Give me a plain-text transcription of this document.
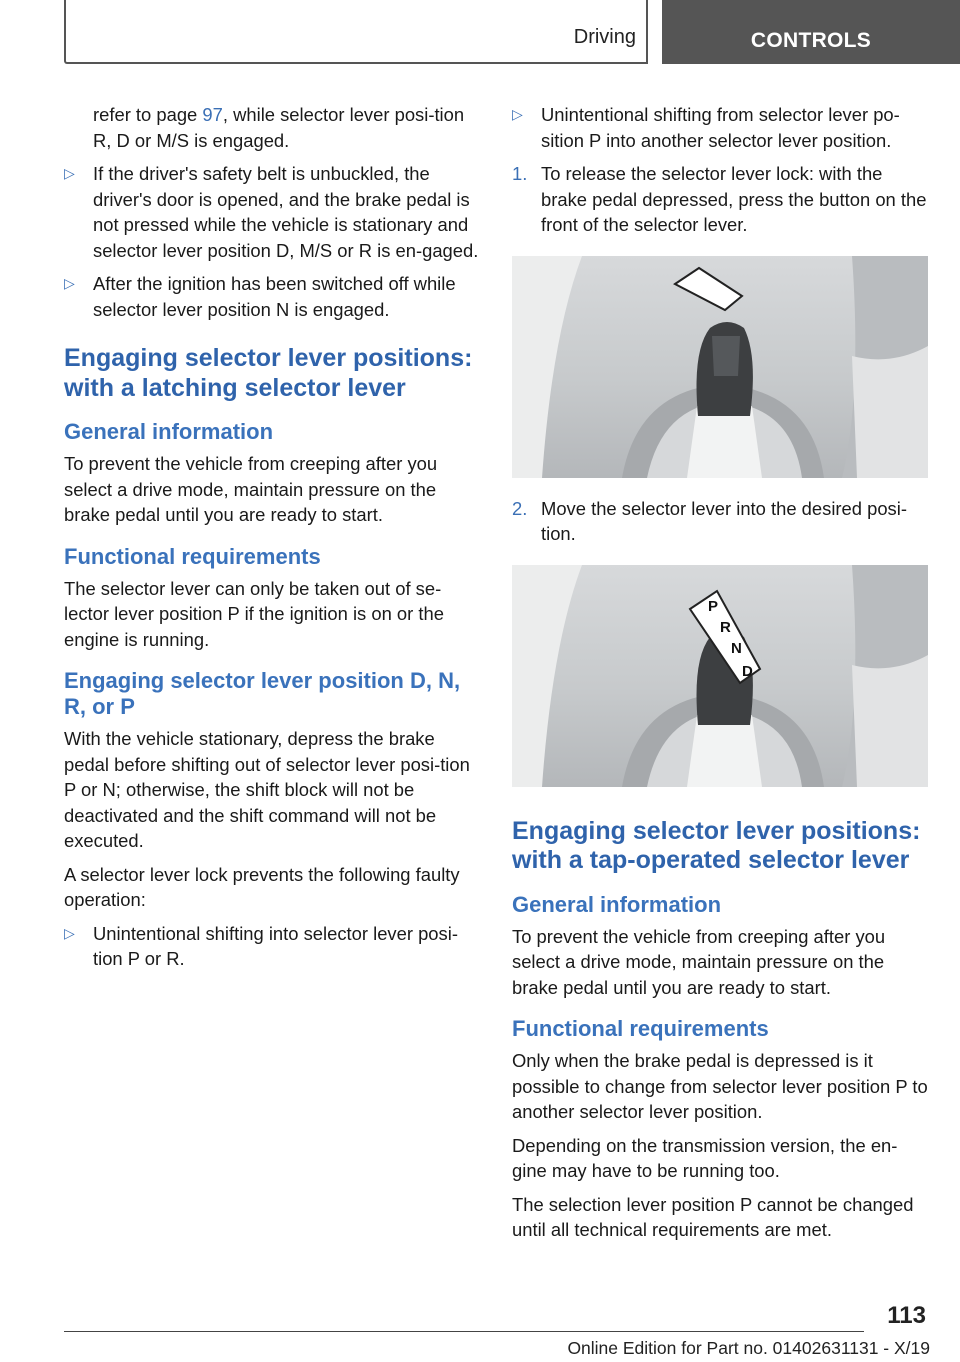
Driving	CONTROLS

refer to page 97, while selector lever posi‐tion R, D or M/S is engaged.

▷ If the driver's safety belt is unbuckled, the driver's door is opened, and the brake pedal is not pressed while the vehicle is stationary and selector lever position D, M/S or R is en‐gaged.
▷ After the ignition has been switched off while selector lever position N is engaged.
Engaging selector lever positions: with a latching selector lever
General information

To prevent the vehicle from creeping after you select a drive mode, maintain pressure on the brake pedal until you are ready to start.

Functional requirements

The selector lever can only be taken out of se‐lector lever position P if the ignition is on or the engine is running.

Engaging selector lever position D, N, R, or P

With the vehicle stationary, depress the brake pedal before shifting out of selector lever posi‐tion P or N; otherwise, the shift block will not be deactivated and the shift command will not be executed.

A selector lever lock prevents the following faulty operation:

▷ Unintentional shifting into selector lever posi‐tion P or R.
▷ Unintentional shifting from selector lever po‐sition P into another selector lever position.
1. To release the selector lever lock: with the brake pedal depressed, press the button on the front of the selector lever.
2. Move the selector lever into the desired posi‐tion.
P
R
N
D
Engaging selector lever positions: with a tap-operated selector lever
General information

To prevent the vehicle from creeping after you select a drive mode, maintain pressure on the brake pedal until you are ready to start.

Functional requirements

Only when the brake pedal is depressed is it possible to change from selector lever position P to another selector lever position.

Depending on the transmission version, the en‐gine may have to be running too.

The selection lever position P cannot be changed until all technical requirements are met.

113
Online Edition for Part no. 01402631131 - X/19
